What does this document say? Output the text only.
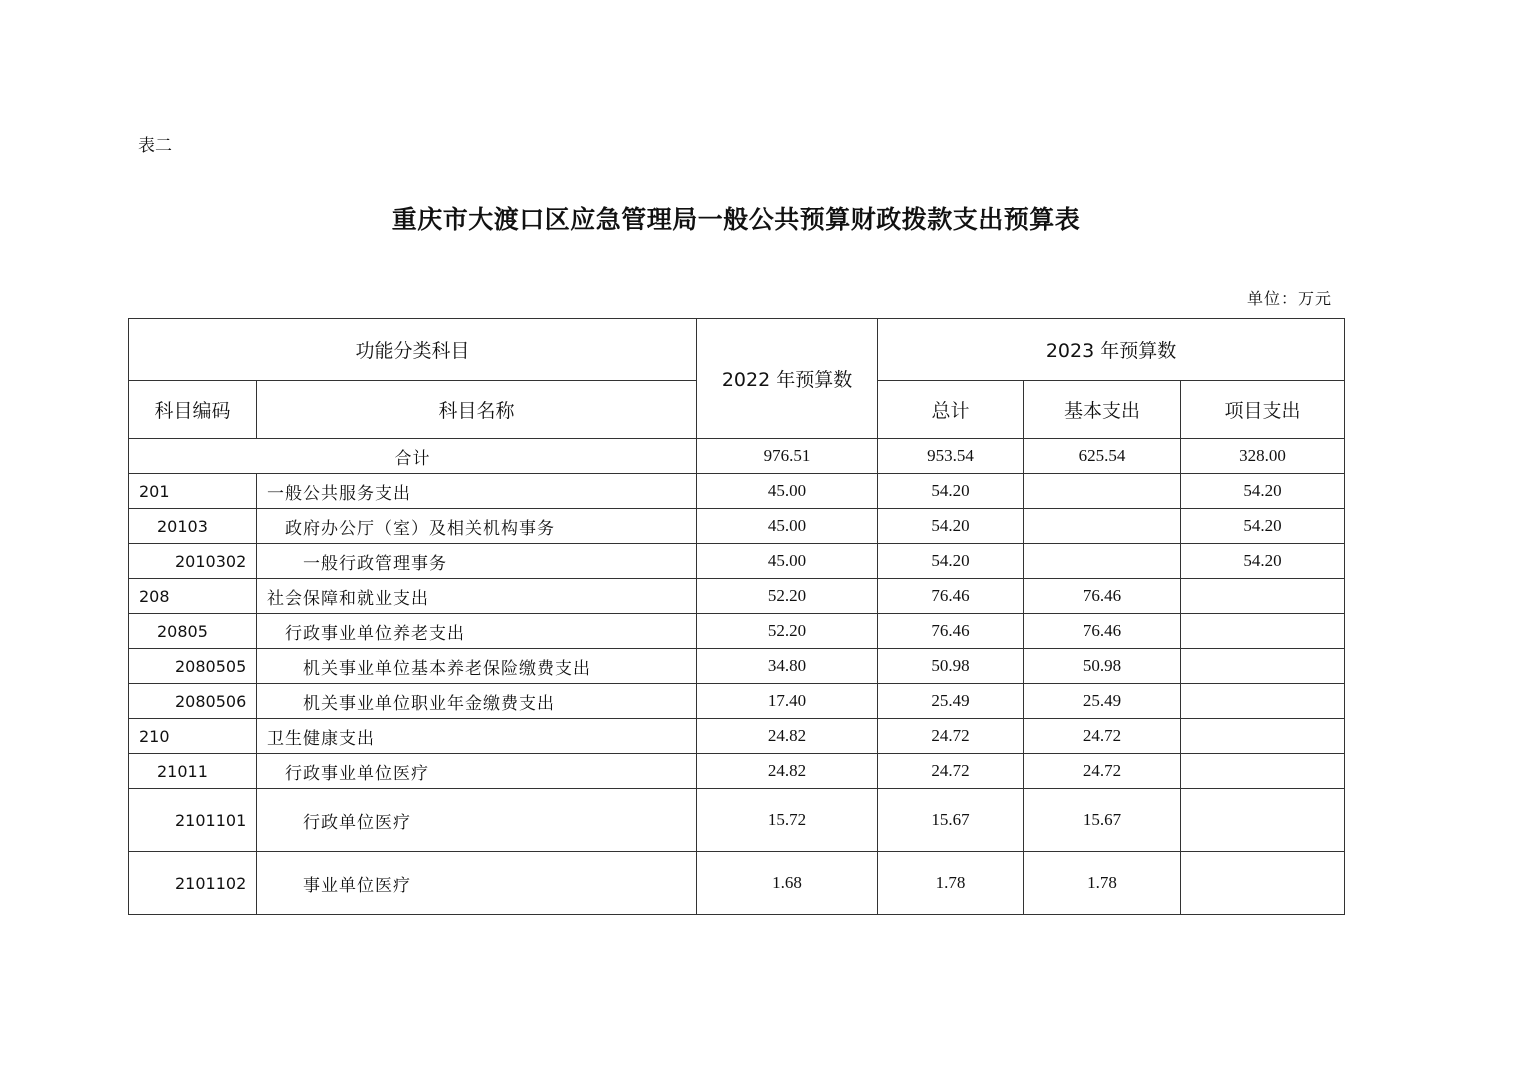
表二
重庆市大渡口区应急管理局一般公共预算财政拨款支出预算表
单位：万元
功能分类科目		2022 年预算数	2023 年预算数		
科目编码	科目名称		总计	基本支出	项目支出
合计		976.51	953.54	625.54	328.00
201	一般公共服务支出	45.00	54.20		54.20
20103	政府办公厅（室）及相关机构事务	45.00	54.20		54.20
2010302	一般行政管理事务	45.00	54.20		54.20
208	社会保障和就业支出	52.20	76.46	76.46	
20805	行政事业单位养老支出	52.20	76.46	76.46	
2080505	机关事业单位基本养老保险缴费支出	34.80	50.98	50.98	
2080506	机关事业单位职业年金缴费支出	17.40	25.49	25.49	
210	卫生健康支出	24.82	24.72	24.72	
21011	行政事业单位医疗	24.82	24.72	24.72	
2101101	行政单位医疗	15.72	15.67	15.67	
2101102	事业单位医疗	1.68	1.78	1.78	
